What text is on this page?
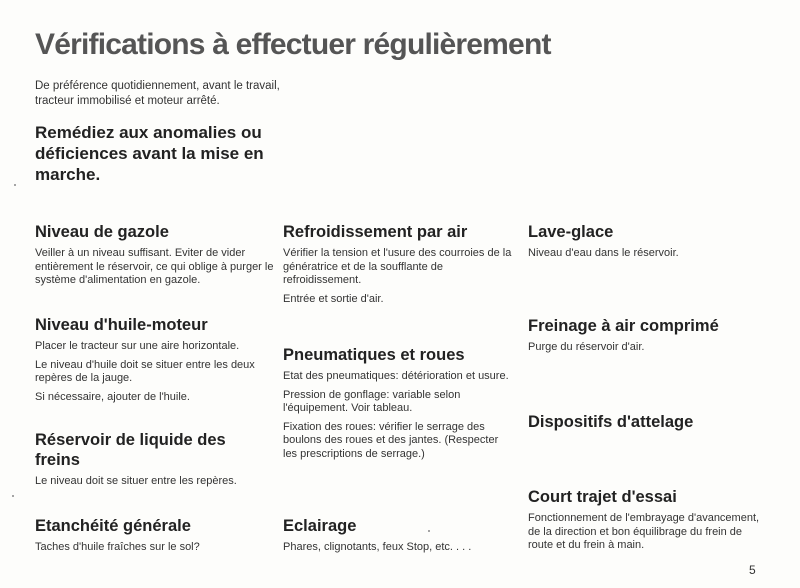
Vérifications à effectuer régulièrement

De préférence quotidiennement, avant le travail, tracteur immobilisé et moteur arrêté.

Remédiez aux anomalies ou déficiences avant la mise en marche.

Niveau de gazole

Veiller à un niveau suffisant. Eviter de vider entièrement le réservoir, ce qui oblige à purger le système d'alimentation en gazole.

Niveau d'huile-moteur

Placer le tracteur sur une aire horizontale.

Le niveau d'huile doit se situer entre les deux repères de la jauge.

Si nécessaire, ajouter de l'huile.

Réservoir de liquide des freins

Le niveau doit se situer entre les repères.

Etanchéité générale

Taches d'huile fraîches sur le sol?

Refroidissement par air

Vérifier la tension et l'usure des courroies de la génératrice et de la soufflante de refroidissement.

Entrée et sortie d'air.

Pneumatiques et roues

Etat des pneumatiques: détérioration et usure.

Pression de gonflage: variable selon l'équipement. Voir tableau.

Fixation des roues: vérifier le serrage des boulons des roues et des jantes. (Respecter les prescriptions de serrage.)

Eclairage

Phares, clignotants, feux Stop, etc. . . .

Lave-glace

Niveau d'eau dans le réservoir.

Freinage à air comprimé

Purge du réservoir d'air.

Dispositifs d'attelage
Court trajet d'essai

Fonctionnement de l'embrayage d'avancement, de la direction et bon équilibrage du frein de route et du frein à main.

5
